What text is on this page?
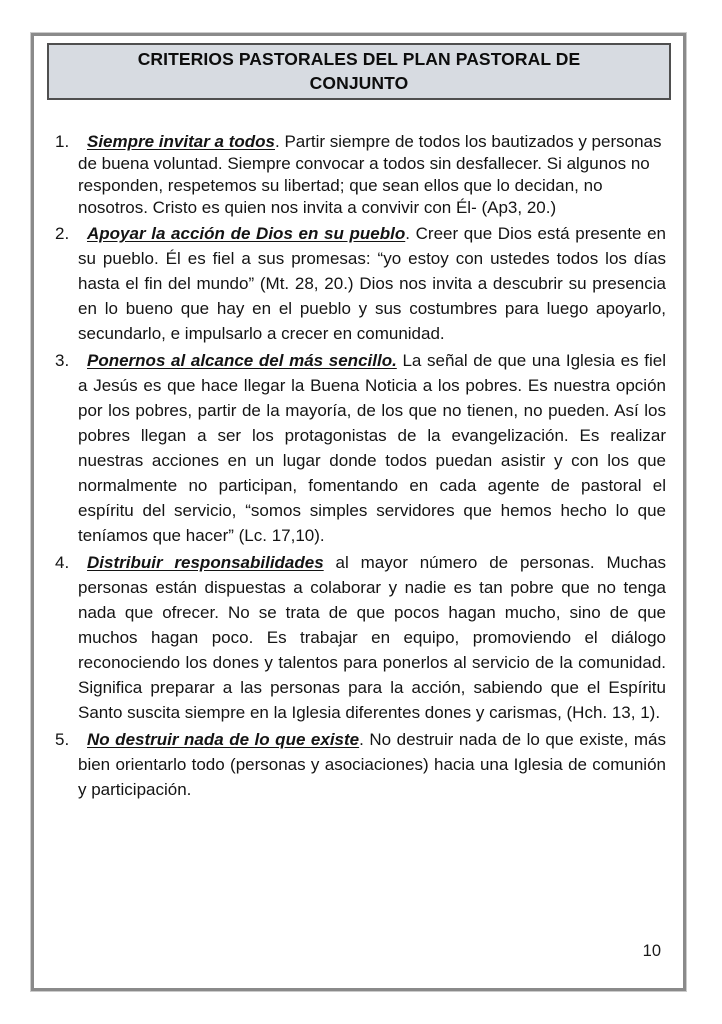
CRITERIOS PASTORALES DEL PLAN PASTORAL DE
CONJUNTO
1.	Siempre invitar a todos. Partir siempre de todos los bautizados y personas de buena voluntad. Siempre convocar a todos sin desfallecer. Si algunos no responden, respetemos su libertad; que sean ellos que lo decidan, no nosotros. Cristo es quien nos invita a convivir con Él- (Ap3, 20.)

2.	Apoyar la acción de Dios en su pueblo. Creer que Dios está presente en su pueblo. Él es fiel a sus promesas: “yo estoy con ustedes todos los días hasta el fin del mundo” (Mt. 28, 20.) Dios nos invita a descubrir su presencia en lo bueno que hay en el pueblo y sus costumbres para luego apoyarlo, secundarlo, e impulsarlo a crecer en comunidad.

3.	Ponernos al alcance del más sencillo. La señal de que una Iglesia es fiel a Jesús es que hace llegar la Buena Noticia a los pobres. Es nuestra opción por los pobres, partir de la mayoría, de los que no tienen, no pueden. Así los pobres llegan a ser los protagonistas de la evangelización. Es realizar nuestras acciones en un lugar donde todos puedan asistir y con los que normalmente no participan, fomentando en cada agente de pastoral el espíritu del servicio, “somos simples servidores que hemos hecho lo que teníamos que hacer” (Lc. 17,10).

4.	Distribuir responsabilidades al mayor número de personas. Muchas personas están dispuestas a colaborar y nadie es tan pobre que no tenga nada que ofrecer. No se trata de que pocos hagan mucho, sino de que muchos hagan poco. Es trabajar en equipo, promoviendo el diálogo reconociendo los dones y talentos para ponerlos al servicio de la comunidad. Significa preparar a las personas para la acción, sabiendo que el Espíritu Santo suscita siempre en la Iglesia diferentes dones y carismas, (Hch. 13, 1).

5.	No destruir nada de lo que existe. No destruir nada de lo que existe, más bien orientarlo todo (personas y asociaciones) hacia una Iglesia de comunión y participación.

10
